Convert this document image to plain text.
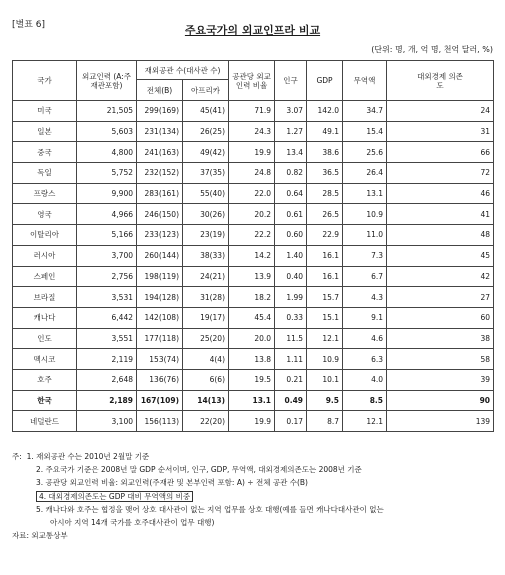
[별표 6]	주요국가의 외교인프라 비교
(단위: 명, 개, 억 명, 천억 달러, %)
국가	외교인력 (A:주재관포함)	재외공관 수(대사관 수)		공관당 외교인력 비율	인구	GDP	무역액	대외경제 의존도
		전체(B)	아프리카					
미국	21,505	299(169)	45(41)	71.9	3.07	142.0	34.7	24
일본	5,603	231(134)	26(25)	24.3	1.27	49.1	15.4	31
중국	4,800	241(163)	49(42)	19.9	13.4	38.6	25.6	66
독일	5,752	232(152)	37(35)	24.8	0.82	36.5	26.4	72
프랑스	9,900	283(161)	55(40)	22.0	0.64	28.5	13.1	46
영국	4,966	246(150)	30(26)	20.2	0.61	26.5	10.9	41
이탈리아	5,166	233(123)	23(19)	22.2	0.60	22.9	11.0	48
러시아	3,700	260(144)	38(33)	14.2	1.40	16.1	7.3	45
스페인	2,756	198(119)	24(21)	13.9	0.40	16.1	6.7	42
브라질	3,531	194(128)	31(28)	18.2	1.99	15.7	4.3	27
캐나다	6,442	142(108)	19(17)	45.4	0.33	15.1	9.1	60
인도	3,551	177(118)	25(20)	20.0	11.5	12.1	4.6	38
멕시코	2,119	153(74)	4(4)	13.8	1.11	10.9	6.3	58
호주	2,648	136(76)	6(6)	19.5	0.21	10.1	4.0	39
한국	2,189	167(109)	14(13)	13.1	0.49	9.5	8.5	90
네덜란드	3,100	156(113)	22(20)	19.9	0.17	8.7	12.1	139
주: 1. 재외공관 수는 2010년 2월말 기준
2. 주요국가 기준은 2008년 말 GDP 순서이며, 인구, GDP, 무역액, 대외경제의존도는 2008년 기준
3. 공관당 외교인력 비율: 외교인력(주재관 및 본부인력 포함: A) ÷ 전체 공관 수(B)
4. 대외경제의존도는 GDP 대비 무역액의 비중
5. 캐나다와 호주는 협정을 맺어 상호 대사관이 없는 지역 업무를 상호 대행(예를 들면 캐나다대사관이 없는
아시아 지역 14개 국가를 호주대사관이 업무 대행)
자료: 외교통상부
